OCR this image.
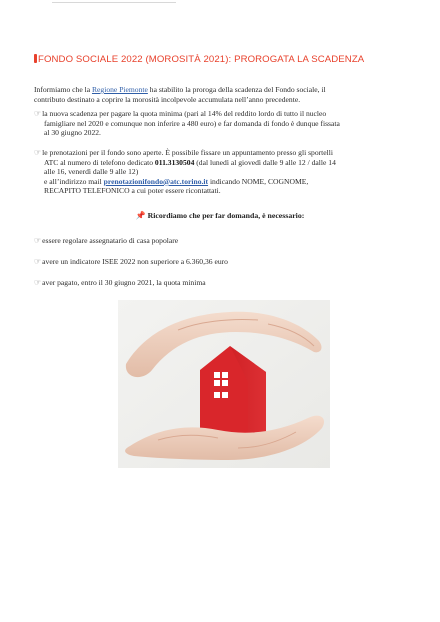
FONDO SOCIALE 2022 (MOROSITÀ 2021): PROROGATA LA SCADENZA
Informiamo che la Regione Piemonte ha stabilito la proroga della scadenza del Fondo sociale, il
contributo destinato a coprire la morosità incolpevole accumulata nell’anno precedente.
☞la nuova scadenza per pagare la quota minima (pari al 14% del reddito lordo di tutto il nucleo
famigliare nel 2020 e comunque non inferire a 480 euro) e far domanda di fondo è dunque fissata
al 30 giugno 2022.
☞le prenotazioni per il fondo sono aperte. È possibile fissare un appuntamento presso gli sportelli
ATC al numero di telefono dedicato 011.3130504 (dal lunedì al giovedì dalle 9 alle 12 / dalle 14
alle 16, venerdì dalle 9 alle 12)
e all’indirizzo mail prenotazionifondo@atc.torino.it indicando NOME, COGNOME,
RECAPITO TELEFONICO a cui poter essere ricontattati.
📌 Ricordiamo che per far domanda, è necessario:
☞essere regolare assegnatario di casa popolare
☞avere un indicatore ISEE 2022 non superiore a 6.360,36 euro
☞aver pagato, entro il 30 giugno 2021, la quota minima
